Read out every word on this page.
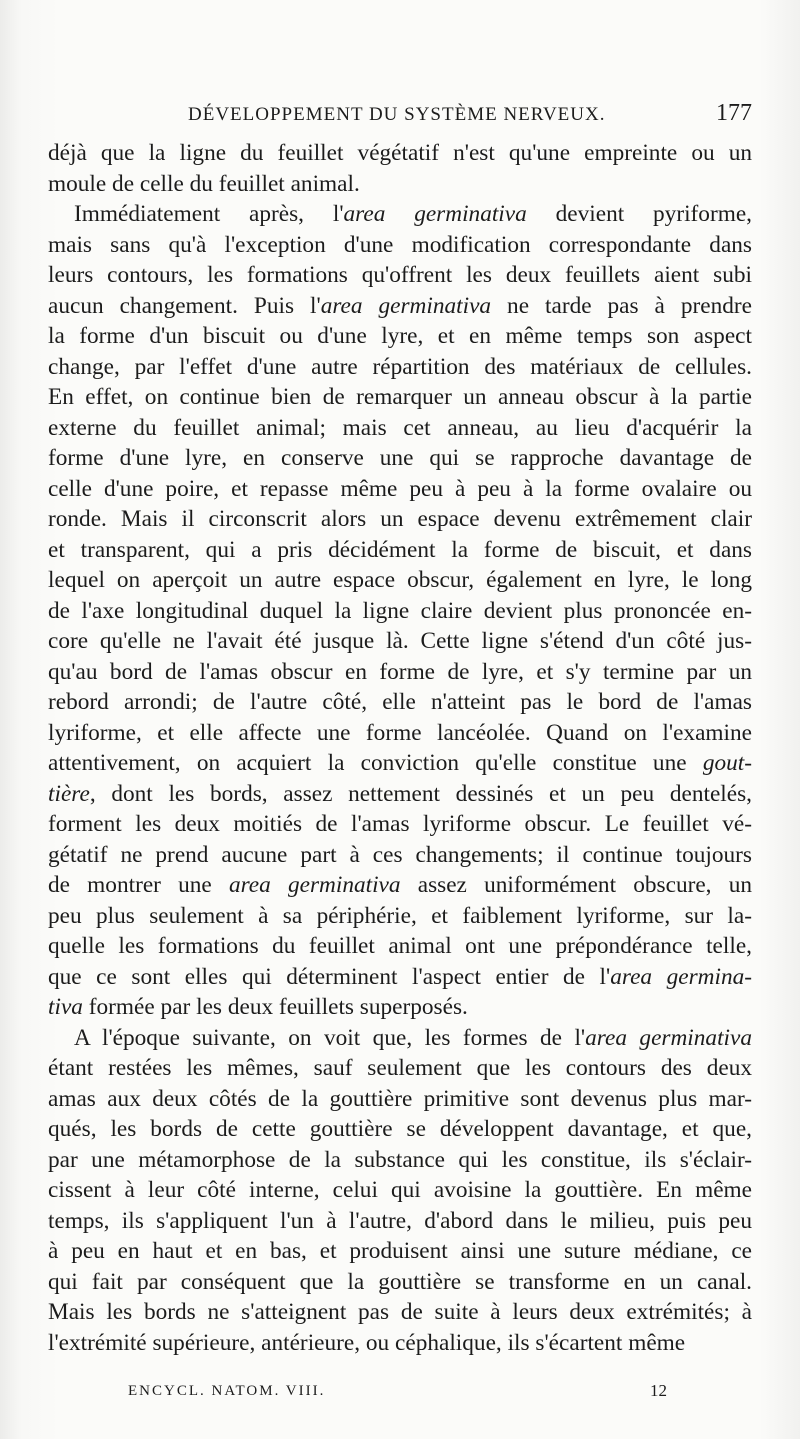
DÉVELOPPEMENT DU SYSTÈME NERVEUX.	177
déjà que la ligne du feuillet végétatif n'est qu'une empreinte ou un
moule de celle du feuillet animal.
Immédiatement après, l'area germinativa devient pyriforme,
mais sans qu'à l'exception d'une modification correspondante dans
leurs contours, les formations qu'offrent les deux feuillets aient subi
aucun changement. Puis l'area germinativa ne tarde pas à prendre
la forme d'un biscuit ou d'une lyre, et en même temps son aspect
change, par l'effet d'une autre répartition des matériaux de cellules.
En effet, on continue bien de remarquer un anneau obscur à la partie
externe du feuillet animal; mais cet anneau, au lieu d'acquérir la
forme d'une lyre, en conserve une qui se rapproche davantage de
celle d'une poire, et repasse même peu à peu à la forme ovalaire ou
ronde. Mais il circonscrit alors un espace devenu extrêmement clair
et transparent, qui a pris décidément la forme de biscuit, et dans
lequel on aperçoit un autre espace obscur, également en lyre, le long
de l'axe longitudinal duquel la ligne claire devient plus prononcée en-
core qu'elle ne l'avait été jusque là. Cette ligne s'étend d'un côté jus-
qu'au bord de l'amas obscur en forme de lyre, et s'y termine par un
rebord arrondi; de l'autre côté, elle n'atteint pas le bord de l'amas
lyriforme, et elle affecte une forme lancéolée. Quand on l'examine
attentivement, on acquiert la conviction qu'elle constitue une gout-
tière, dont les bords, assez nettement dessinés et un peu dentelés,
forment les deux moitiés de l'amas lyriforme obscur. Le feuillet vé-
gétatif ne prend aucune part à ces changements; il continue toujours
de montrer une area germinativa assez uniformément obscure, un
peu plus seulement à sa périphérie, et faiblement lyriforme, sur la-
quelle les formations du feuillet animal ont une prépondérance telle,
que ce sont elles qui déterminent l'aspect entier de l'area germina-
tiva formée par les deux feuillets superposés.
A l'époque suivante, on voit que, les formes de l'area germinativa
étant restées les mêmes, sauf seulement que les contours des deux
amas aux deux côtés de la gouttière primitive sont devenus plus mar-
qués, les bords de cette gouttière se développent davantage, et que,
par une métamorphose de la substance qui les constitue, ils s'éclair-
cissent à leur côté interne, celui qui avoisine la gouttière. En même
temps, ils s'appliquent l'un à l'autre, d'abord dans le milieu, puis peu
à peu en haut et en bas, et produisent ainsi une suture médiane, ce
qui fait par conséquent que la gouttière se transforme en un canal.
Mais les bords ne s'atteignent pas de suite à leurs deux extrémités; à
l'extrémité supérieure, antérieure, ou céphalique, ils s'écartent même
ENCYCL. NATOM. VIII.	12
